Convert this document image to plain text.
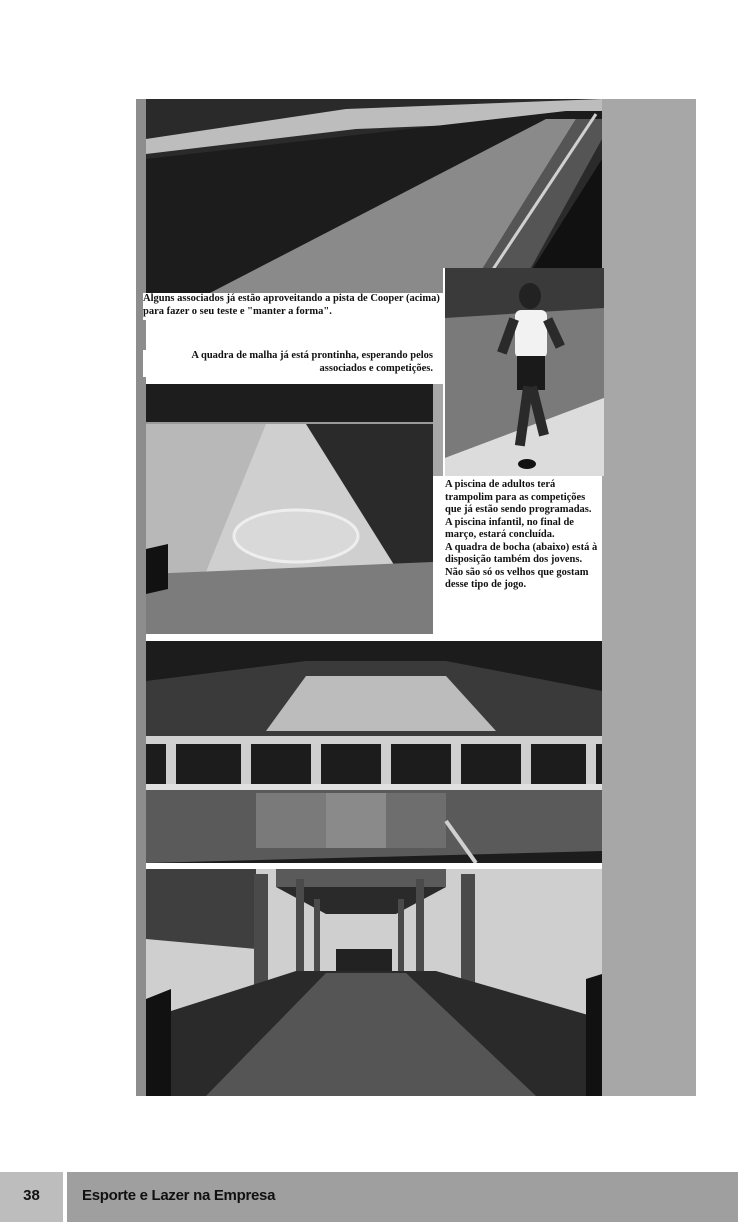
Alguns associados já estão aproveitando a pista de Cooper (acima) para fazer o seu teste e "manter a forma".

A quadra de malha já está prontinha, esperando pelos associados e competições.

A piscina de adultos terá trampolim para as competições que já estão sendo programadas.
A piscina infantil, no final de março, estará concluída.
A quadra de bocha (abaixo) está à disposição também dos jovens. Não são só os velhos que gostam desse tipo de jogo.

38	Esporte e Lazer na Empresa
